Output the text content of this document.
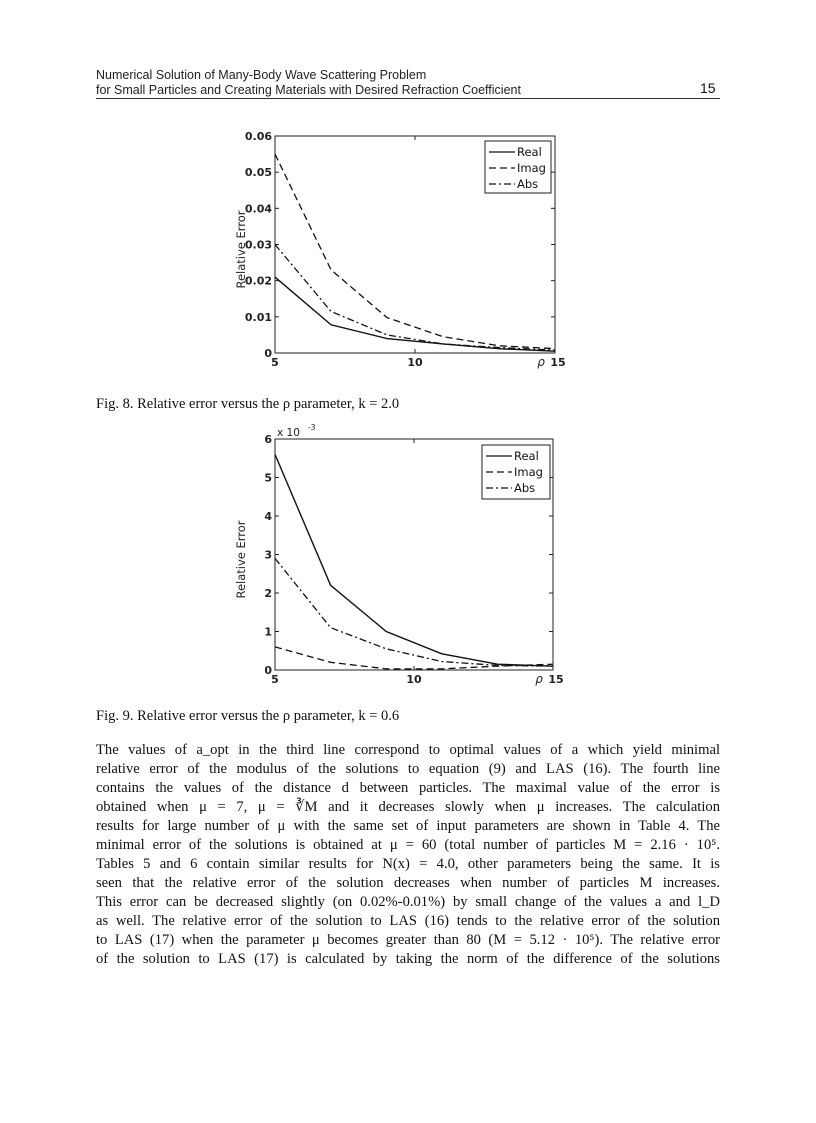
Numerical Solution of Many-Body Wave Scattering Problem
for Small Particles and Creating Materials with Desired Refraction Coefficient	15
0
0.01
0.02
0.03
0.04
0.05
0.06
5	10	15
ρ
Relative Error
Real
Imag
Abs
Fig. 8. Relative error versus the ρ parameter, k = 2.0
0
1
2
3
4
5
6
5	10	15
ρ
Relative Error
x 10 -3
Real
Imag
Abs
Fig. 9. Relative error versus the ρ parameter, k = 0.6
The values of a_opt in the third line correspond to optimal values of a which yield minimal
relative error of the modulus of the solutions to equation (9) and LAS (16). The fourth line
contains the values of the distance d between particles. The maximal value of the error is
obtained when μ = 7, μ = ∛M and it decreases slowly when μ increases. The calculation
results for large number of μ with the same set of input parameters are shown in Table 4. The
minimal error of the solutions is obtained at μ = 60 (total number of particles M = 2.16 · 10⁵.
Tables 5 and 6 contain similar results for N(x) = 4.0, other parameters being the same. It is
seen that the relative error of the solution decreases when number of particles M increases.
This error can be decreased slightly (on 0.02%-0.01%) by small change of the values a and l_D
as well. The relative error of the solution to LAS (16) tends to the relative error of the solution
to LAS (17) when the parameter μ becomes greater than 80 (M = 5.12 · 10⁵). The relative error
of the solution to LAS (17) is calculated by taking the norm of the difference of the solutions
